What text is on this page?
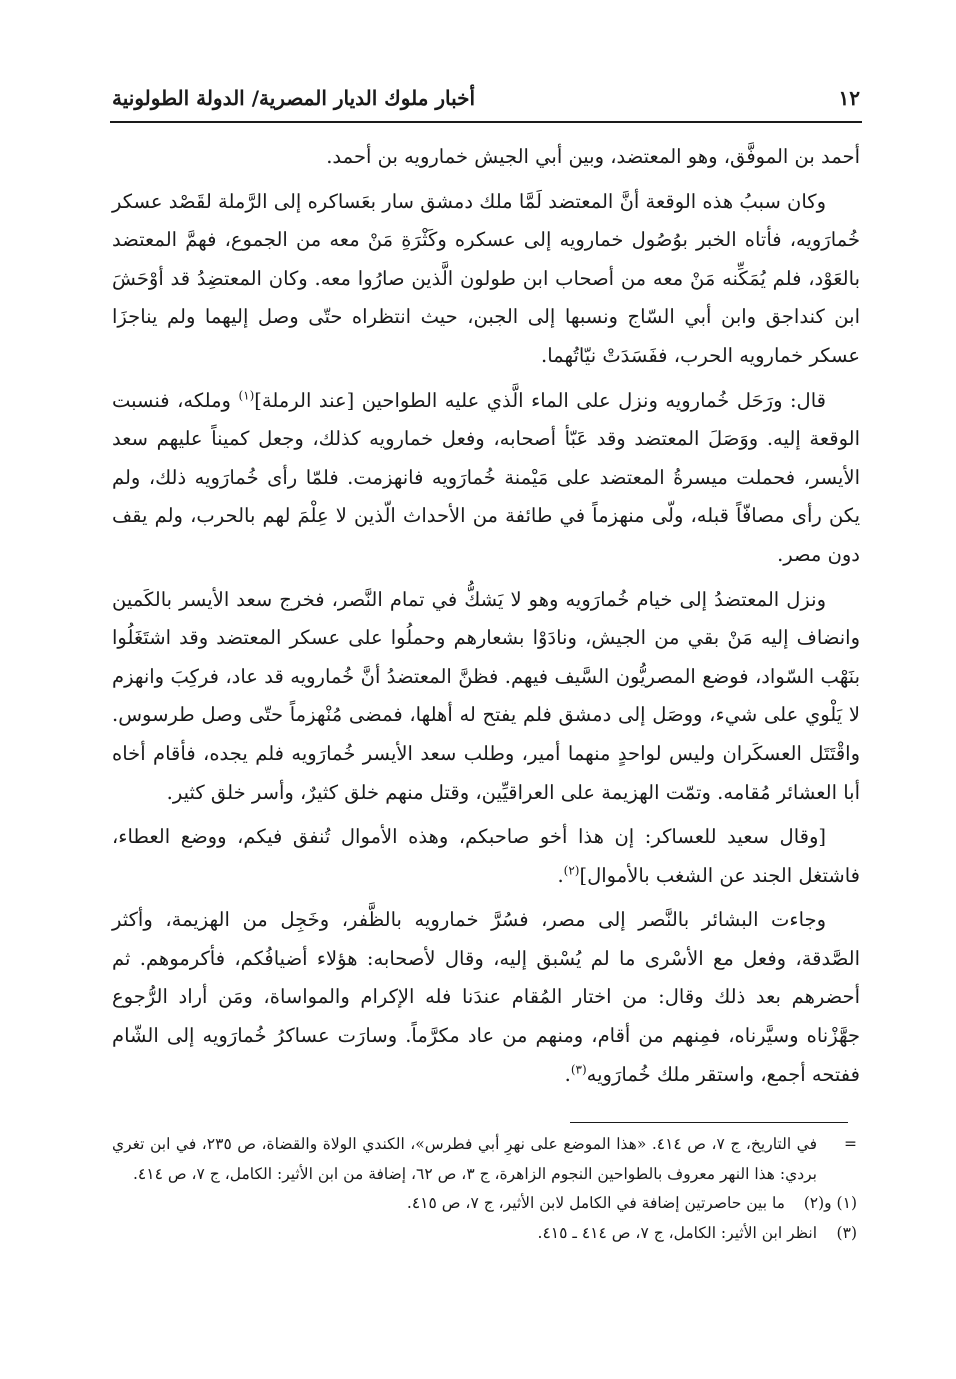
١٢
أخبار ملوك الديار المصرية/ الدولة الطولونية

أحمد بن الموفَّق، وهو المعتضد، وبين أبي الجيش خمارويه بن أحمد.

وكان سببُ هذه الوقعة أنَّ المعتضد لَمَّا ملك دمشق سار بعَساكره إلى الرَّملة لقَصْد عسكر خُمارَويه، فأتاه الخبر بوُصُول خمارويه إلى عسكره وكَثْرَةِ مَنْ معه من الجموع، فهمَّ المعتضد بالعَوْد، فلم يُمَكِّنه مَنْ معه من أصحاب ابن طولون الَّذين صارُوا معه. وكان المعتضِدُ قد أوْحَشَ ابن كنداجق وابن أبي السّاج ونسبها إلى الجبن، حيث انتظراه حتّى وصل إليهما ولم يناجزَا عسكر خمارويه الحرب، ففَسَدَتْ نيّاتُهما.

قال: ورَحَل خُمارويه ونزل على الماء الَّذي عليه الطواحين [عند الرملة]$^{(١)}$ وملكه، فنسبت الوقعة إليه. ووَصَلَ المعتضد وقد عَبّأ أصحابه، وفعل خمارويه كذلك، وجعل كميناً عليهم سعد الأيسر، فحملت ميسرةُ المعتضد على مَيْمنة خُمارَويه فانهزمت. فلمّا رأى خُمارَويه ذلك، ولم يكن رأى مصافّاً قبله، ولّى منهزماً في طائفة من الأحداث الّذين لا عِلْمَ لهم بالحرب، ولم يقف دون مصر.

ونزل المعتضدُ إلى خيام خُمارَويه وهو لا يَشكُّ في تمام النَّصر، فخرج سعد الأيسر بالكَمين وانضاف إليه مَنْ بقي من الجيش، ونادَوْا بشعارهم وحملُوا على عسكر المعتضد وقد اشتَغَلُوا بنَهْب السّواد، فوضع المصريُّون السَّيف فيهم. فظنَّ المعتضدُ أنَّ خُمارويه قد عاد، فركِبَ وانهزم لا يَلْوي على شيء، ووصَل إلى دمشق فلم يفتح له أهلها، فمضى مُنْهزماً حتّى وصل طرسوس. واقْتَتَل العسكَران وليس لواحدٍ منهما أمير، وطلب سعد الأيسر خُمارَويه فلم يجده، فأقام أخاه أبا العشائر مُقامه. وتمّت الهزيمة على العراقيِّين، وقتل منهم خلق كثيرٌ، وأسر خلق كثير.

[وقال سعيد للعساكر: إن هذا أخو صاحبكم، وهذه الأموال تُنفق فيكم، ووضع العطاء، فاشتغل الجند عن الشغب بالأموال]$^{(٢)}$.

وجاءت البشائر بالنَّصر إلى مصر، فسُرَّ خمارويه بالظَّفر، وخَجِل من الهزيمة، وأكثر الصَّدقة، وفعل مع الأسْرى ما لم يُسْبق إليه، وقال لأصحابه: هؤلاء أضيافُكم، فأكرموهم. ثم أحضرهم بعد ذلك وقال: من اختار المُقام عندَنا فله الإكرام والمواساة، ومَن أراد الرُّجوع جهَّزْناه وسيَّرناه، فمِنهم من أقام، ومنهم من عاد مكرَّماً. وسارَت عساكرُ خُمارَويه إلى الشّام ففتحه أجمع، واستقر ملك خُمارَويه$^{(٣)}$.

=
في التاريخ، ج ٧، ص ٤١٤. «هذا الموضع على نهرِ أبي فطرس»، الكندي الولاة والقضاة، ص ٢٣٥، في ابن تغري بردي: هذا النهر معروف بالطواحين النجوم الزاهرة، ج ٣، ص ٦٢، إضافة من ابن الأثير: الكامل، ج ٧، ص ٤١٤.
(١) و(٢)
ما بين حاصرتين إضافة في الكامل لابن الأثير، ج ٧، ص ٤١٥.
(٣)
انظر ابن الأثير: الكامل، ج ٧، ص ٤١٤ ـ ٤١٥.
